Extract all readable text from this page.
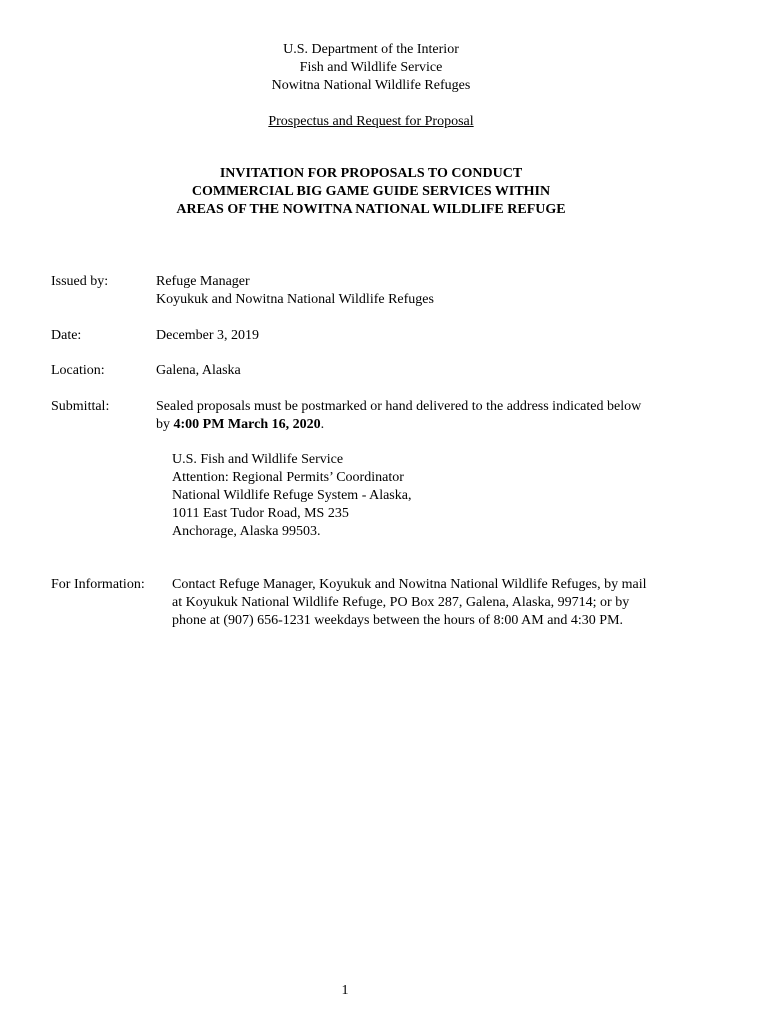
U.S. Department of the Interior
Fish and Wildlife Service
Nowitna National Wildlife Refuges
Prospectus and Request for Proposal
INVITATION FOR PROPOSALS TO CONDUCT
COMMERCIAL BIG GAME GUIDE SERVICES WITHIN
AREAS OF THE NOWITNA NATIONAL WILDLIFE REFUGE
Issued by:	Refuge Manager
Koyukuk and Nowitna National Wildlife Refuges
Date:	December 3, 2019
Location:	Galena, Alaska
Submittal:	Sealed proposals must be postmarked or hand delivered to the address indicated below
by 4:00 PM March 16, 2020.
U.S. Fish and Wildlife Service
Attention: Regional Permits’ Coordinator
National Wildlife Refuge System - Alaska,
1011 East Tudor Road, MS 235
Anchorage, Alaska 99503.
For Information: Contact Refuge Manager, Koyukuk and Nowitna National Wildlife Refuges, by mail
at Koyukuk National Wildlife Refuge, PO Box 287, Galena, Alaska, 99714; or by
phone at (907) 656-1231 weekdays between the hours of 8:00 AM and 4:30 PM.
1
